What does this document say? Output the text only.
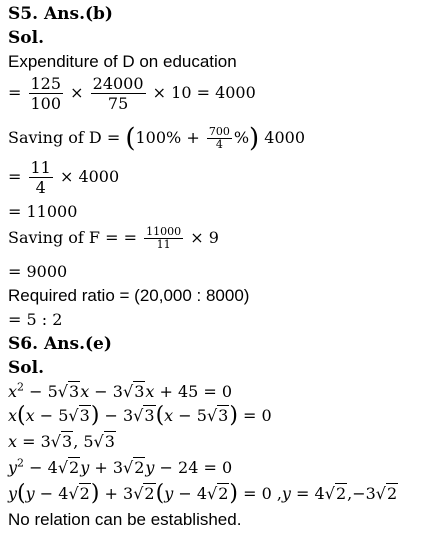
S5. Ans.(b)
Sol.
Expenditure of D on education
= $\frac{125}{100} \times \frac{24000}{75} \times 10 = 4000$
Saving of $D = (100\% + \frac{700}{4}$ %) 4000
= $\frac{11}{4} \times 4000$
= 11000
Saving of F = = $\frac{11000}{11} \times 9$
= 9000
Required ratio = (20,000 : 8000)
= 5 : 2
S6. Ans.(e)
Sol.
$x^2 - 5√3x - 3√3x + 45 = 0$
x(x − 5√3) − 3√3(x − 5√3) = 0
x = 3√3, 5√3
$y^2 - 4√2y + 3√2y - 24 = 0$
y(y − 4√2) + 3√2(y − 4√2) = 0 ,y = 4√2,−3√2
No relation can be established.
